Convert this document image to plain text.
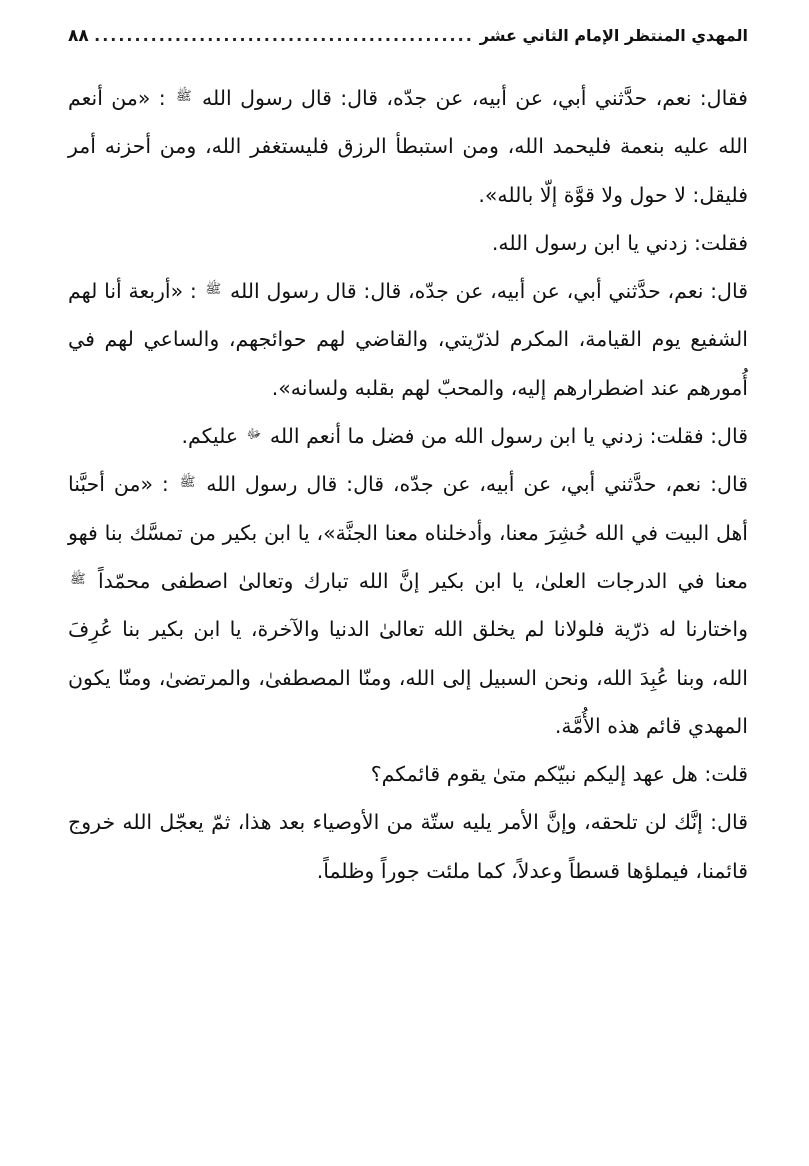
المهدي المنتظر الإمام الثاني عشر
.....
٨٨

فقال: نعم، حدَّثني أبي، عن أبيه، عن جدّه، قال: قال رسول الله ﷺ : «من أنعم الله عليه بنعمة فليحمد الله، ومن استبطأ الرزق فليستغفر الله، ومن أحزنه أمر فليقل: لا حول ولا قوَّة إلّا بالله».

فقلت: زدني يا ابن رسول الله.

قال: نعم، حدَّثني أبي، عن أبيه، عن جدّه، قال: قال رسول الله ﷺ : «أربعة أنا لهم الشفيع يوم القيامة، المكرم لذرّيتي، والقاضي لهم حوائجهم، والساعي لهم في أُمورهم عند اضطرارهم إليه، والمحبّ لهم بقلبه ولسانه».

قال: فقلت: زدني يا ابن رسول الله من فضل ما أنعم الله ﷻ عليكم.

قال: نعم، حدَّثني أبي، عن أبيه، عن جدّه، قال: قال رسول الله ﷺ : «من أحبَّنا أهل البيت في الله حُشِرَ معنا، وأدخلناه معنا الجنَّة»، يا ابن بكير من تمسَّك بنا فهو معنا في الدرجات العلىٰ، يا ابن بكير إنَّ الله تبارك وتعالىٰ اصطفى محمّداً ﷺ واختارنا له ذرّية فلولانا لم يخلق الله تعالىٰ الدنيا والآخرة، يا ابن بكير بنا عُرِفَ الله، وبنا عُبِدَ الله، ونحن السبيل إلى الله، ومنّا المصطفىٰ، والمرتضىٰ، ومنّا يكون المهدي قائم هذه الأُمَّة.

قلت: هل عهد إليكم نبيّكم متىٰ يقوم قائمكم؟

قال: إنَّك لن تلحقه، وإنَّ الأمر يليه ستّة من الأوصياء بعد هذا، ثمّ يعجّل الله خروج قائمنا، فيملؤها قسطاً وعدلاً، كما ملئت جوراً وظلماً.
